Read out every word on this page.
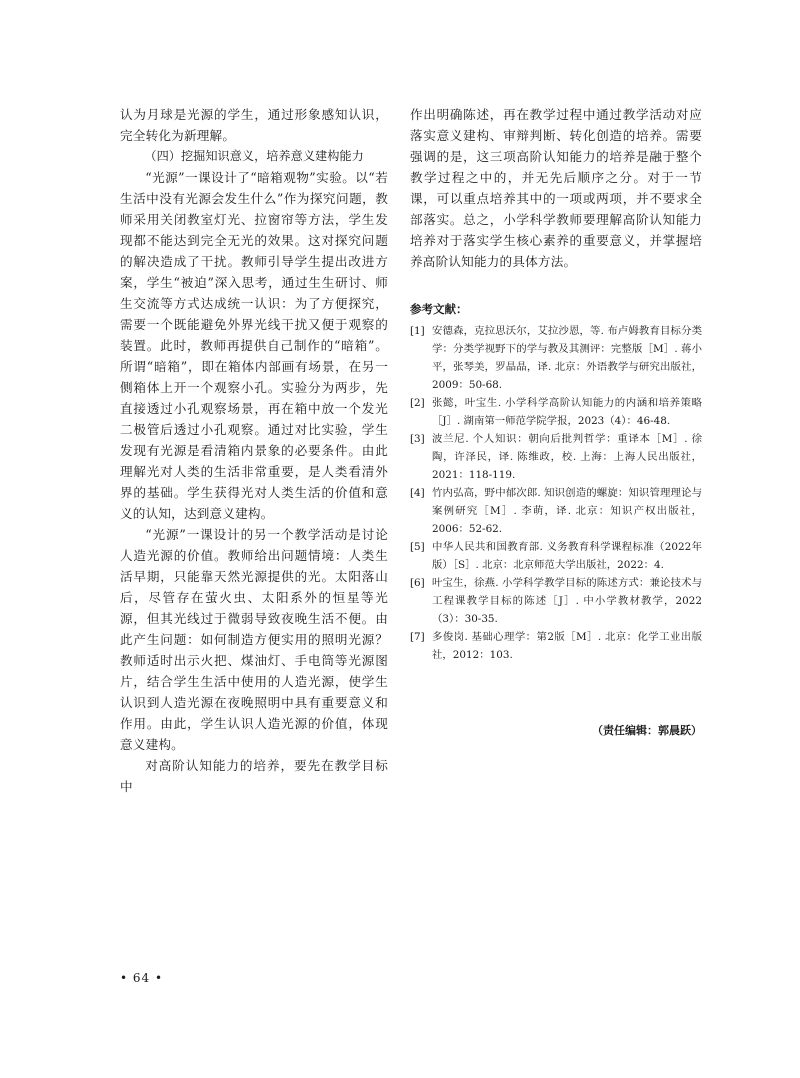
认为月球是光源的学生，通过形象感知认识，完全转化为新理解。

（四）挖掘知识意义，培养意义建构能力

“光源”一课设计了“暗箱观物”实验。以“若生活中没有光源会发生什么”作为探究问题，教师采用关闭教室灯光、拉窗帘等方法，学生发现都不能达到完全无光的效果。这对探究问题的解决造成了干扰。教师引导学生提出改进方案，学生“被迫”深入思考，通过生生研讨、师生交流等方式达成统一认识：为了方便探究，需要一个既能避免外界光线干扰又便于观察的装置。此时，教师再提供自己制作的“暗箱”。所谓“暗箱”，即在箱体内部画有场景，在另一侧箱体上开一个观察小孔。实验分为两步，先直接透过小孔观察场景，再在箱中放一个发光二极管后透过小孔观察。通过对比实验，学生发现有光源是看清箱内景象的必要条件。由此理解光对人类的生活非常重要，是人类看清外界的基础。学生获得光对人类生活的价值和意义的认知，达到意义建构。

“光源”一课设计的另一个教学活动是讨论人造光源的价值。教师给出问题情境：人类生活早期，只能靠天然光源提供的光。太阳落山后，尽管存在萤火虫、太阳系外的恒星等光源，但其光线过于微弱导致夜晚生活不便。由此产生问题：如何制造方便实用的照明光源？教师适时出示火把、煤油灯、手电筒等光源图片，结合学生生活中使用的人造光源，使学生认识到人造光源在夜晚照明中具有重要意义和作用。由此，学生认识人造光源的价值，体现意义建构。

对高阶认知能力的培养，要先在教学目标中

作出明确陈述，再在教学过程中通过教学活动对应落实意义建构、审辩判断、转化创造的培养。需要强调的是，这三项高阶认知能力的培养是融于整个教学过程之中的，并无先后顺序之分。对于一节课，可以重点培养其中的一项或两项，并不要求全部落实。总之，小学科学教师要理解高阶认知能力培养对于落实学生核心素养的重要意义，并掌握培养高阶认知能力的具体方法。

参考文献：
[1] 安德森，克拉思沃尔，艾拉沙恩，等. 布卢姆教育目标分类学：分类学视野下的学与教及其测评：完整版［M］. 蒋小平，张琴美，罗晶晶，译. 北京：外语教学与研究出版社，2009：50-68.
[2] 张懿，叶宝生. 小学科学高阶认知能力的内涵和培养策略［J］. 湖南第一师范学院学报，2023（4）：46-48.
[3] 波兰尼. 个人知识：朝向后批判哲学：重译本［M］. 徐陶，许泽民，译. 陈维政，校. 上海：上海人民出版社，2021：118-119.
[4] 竹内弘高，野中郁次郎. 知识创造的螺旋：知识管理理论与案例研究［M］. 李萌，译. 北京：知识产权出版社，2006：52-62.
[5] 中华人民共和国教育部. 义务教育科学课程标准（2022年版）［S］. 北京：北京师范大学出版社，2022：4.
[6] 叶宝生，徐燕. 小学科学教学目标的陈述方式：兼论技术与工程课教学目标的陈述［J］. 中小学教材教学，2022（3）：30-35.
[7] 多俊岗. 基础心理学：第2版［M］. 北京：化学工业出版社，2012：103.
（责任编辑：郭晨跃）
• 64 •
